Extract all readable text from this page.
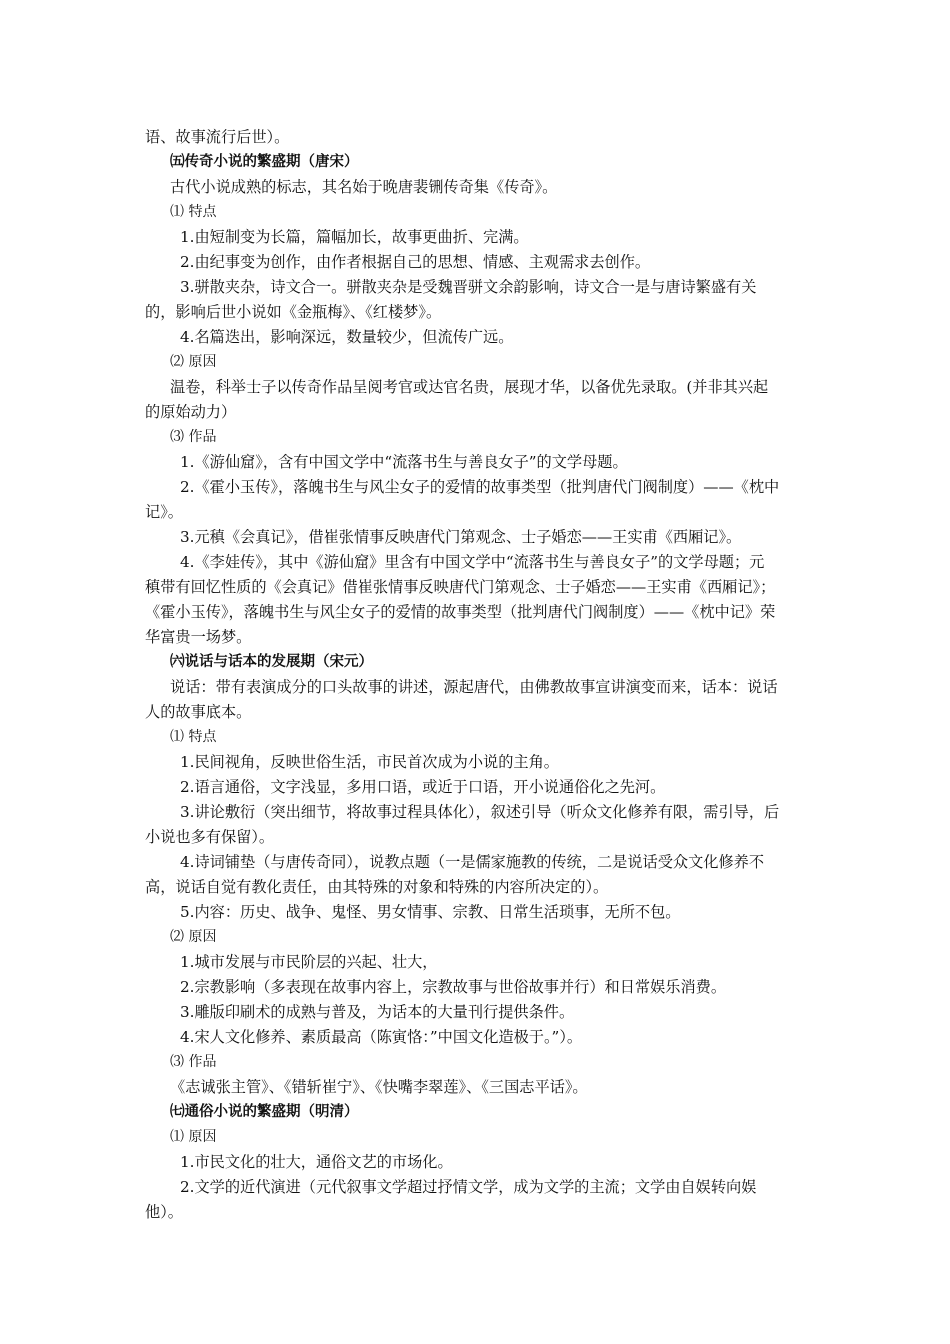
语、故事流行后世）。
㈤传奇小说的繁盛期（唐宋）
古代小说成熟的标志，其名始于晚唐裴铏传奇集《传奇》。
⑴ 特点
1.由短制变为长篇，篇幅加长，故事更曲折、完满。
2.由纪事变为创作，由作者根据自己的思想、情感、主观需求去创作。
3.骈散夹杂，诗文合一。骈散夹杂是受魏晋骈文余韵影响，诗文合一是与唐诗繁盛有关
的，影响后世小说如《金瓶梅》、《红楼梦》。
4.名篇迭出，影响深远，数量较少，但流传广远。
⑵ 原因
温卷，科举士子以传奇作品呈阅考官或达官名贵，展现才华，以备优先录取。(并非其兴起
的原始动力）
⑶ 作品
1.《游仙窟》，含有中国文学中“流落书生与善良女子”的文学母题。
2.《霍小玉传》，落魄书生与风尘女子的爱情的故事类型（批判唐代门阀制度）——《枕中
记》。
3.元稹《会真记》，借崔张情事反映唐代门第观念、士子婚恋——王实甫《西厢记》。
4.《李娃传》，其中《游仙窟》里含有中国文学中“流落书生与善良女子”的文学母题；元
稹带有回忆性质的《会真记》借崔张情事反映唐代门第观念、士子婚恋——王实甫《西厢记》；
《霍小玉传》，落魄书生与风尘女子的爱情的故事类型（批判唐代门阀制度）——《枕中记》荣
华富贵一场梦。
㈥说话与话本的发展期（宋元）
说话：带有表演成分的口头故事的讲述，源起唐代，由佛教故事宣讲演变而来，话本：说话
人的故事底本。
⑴ 特点
1.民间视角，反映世俗生活，市民首次成为小说的主角。
2.语言通俗，文字浅显，多用口语，或近于口语，开小说通俗化之先河。
3.讲论敷衍（突出细节，将故事过程具体化），叙述引导（听众文化修养有限，需引导，后
小说也多有保留）。
4.诗词铺垫（与唐传奇同），说教点题（一是儒家施教的传统，二是说话受众文化修养不
高，说话自觉有教化责任，由其特殊的对象和特殊的内容所决定的）。
5.内容：历史、战争、鬼怪、男女情事、宗教、日常生活琐事，无所不包。
⑵ 原因
1.城市发展与市民阶层的兴起、壮大，
2.宗教影响（多表现在故事内容上，宗教故事与世俗故事并行）和日常娱乐消费。
3.雕版印刷术的成熟与普及，为话本的大量刊行提供条件。
4.宋人文化修养、素质最高（陈寅恪：”中国文化造极于。”）。
⑶ 作品
《志诚张主管》、《错斩崔宁》、《快嘴李翠莲》、《三国志平话》。
㈦通俗小说的繁盛期（明清）
⑴ 原因
1.市民文化的壮大，通俗文艺的市场化。
2.文学的近代演进（元代叙事文学超过抒情文学，成为文学的主流；文学由自娱转向娱
他）。
